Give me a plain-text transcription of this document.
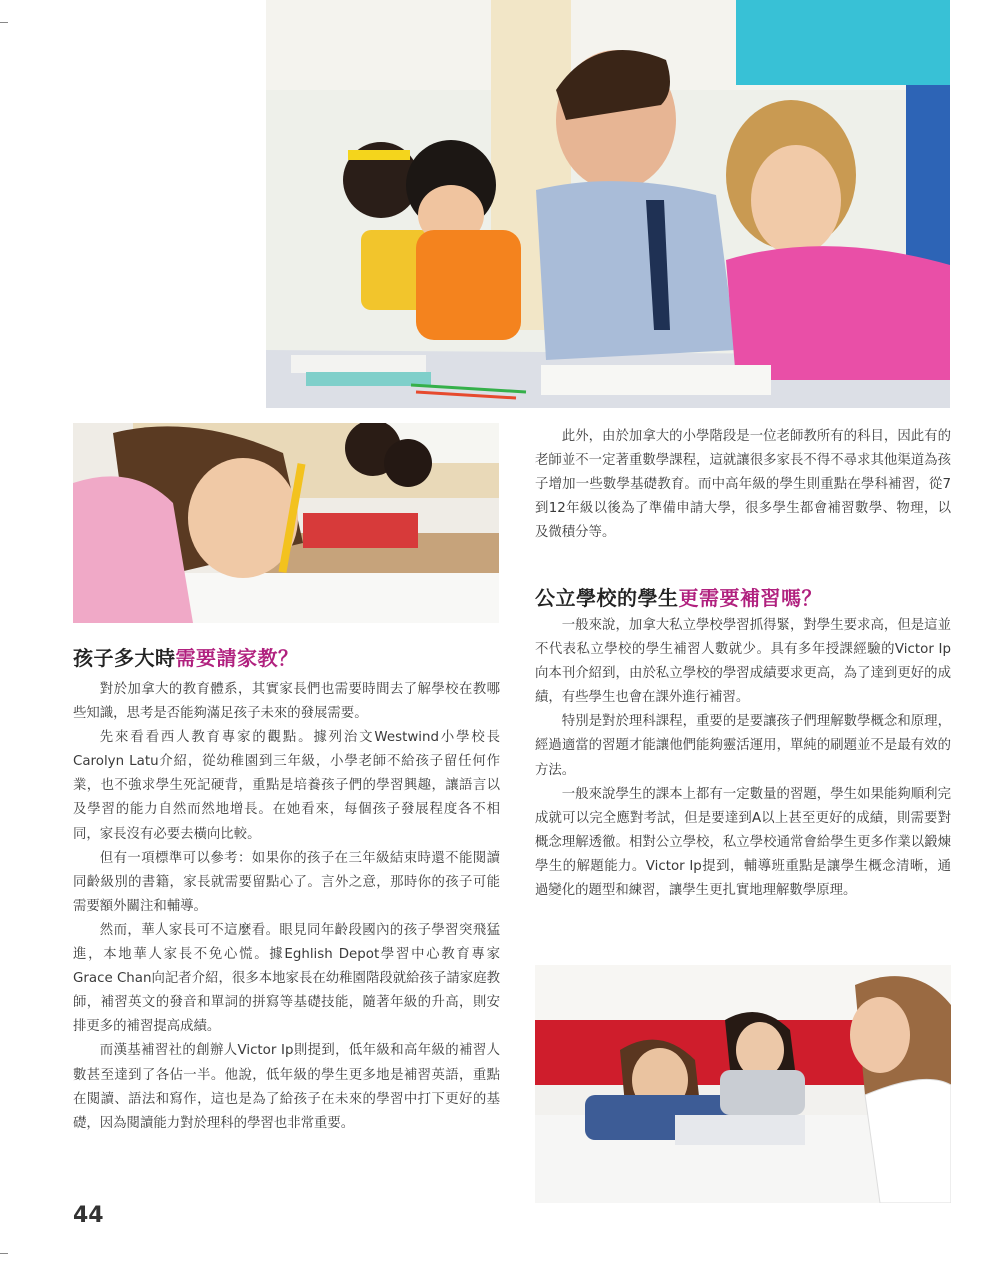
孩子多大時需要請家教？

對於加拿大的教育體系，其實家長們也需要時間去了解學校在教哪些知識，思考是否能夠滿足孩子未來的發展需要。

先來看看西人教育專家的觀點。據列治文Westwind小學校長Carolyn Latu介紹，從幼稚園到三年級，小學老師不給孩子留任何作業，也不強求學生死記硬背，重點是培養孩子們的學習興趣，讓語言以及學習的能力自然而然地增長。在她看來，每個孩子發展程度各不相同，家長沒有必要去橫向比較。

但有一項標準可以參考：如果你的孩子在三年級結束時還不能閱讀同齡級別的書籍，家長就需要留點心了。言外之意，那時你的孩子可能需要額外關注和輔導。

然而，華人家長可不這麼看。眼見同年齡段國內的孩子學習突飛猛進，本地華人家長不免心慌。據Eghlish Depot學習中心教育專家Grace Chan向記者介紹，很多本地家長在幼稚園階段就給孩子請家庭教師，補習英文的發音和單詞的拼寫等基礎技能，隨著年級的升高，則安排更多的補習提高成績。

而漢基補習社的創辦人Victor Ip則提到，低年級和高年級的補習人數甚至達到了各佔一半。他說，低年級的學生更多地是補習英語，重點在閱讀、語法和寫作，這也是為了給孩子在未來的學習中打下更好的基礎，因為閱讀能力對於理科的學習也非常重要。

此外，由於加拿大的小學階段是一位老師教所有的科目，因此有的老師並不一定著重數學課程，這就讓很多家長不得不尋求其他渠道為孩子增加一些數學基礎教育。而中高年級的學生則重點在學科補習，從7到12年級以後為了準備申請大學，很多學生都會補習數學、物理，以及微積分等。

公立學校的學生更需要補習嗎？

一般來說，加拿大私立學校學習抓得緊，對學生要求高，但是這並不代表私立學校的學生補習人數就少。具有多年授課經驗的Victor Ip向本刊介紹到，由於私立學校的學習成績要求更高，為了達到更好的成績，有些學生也會在課外進行補習。

特別是對於理科課程，重要的是要讓孩子們理解數學概念和原理，經過適當的習題才能讓他們能夠靈活運用，單純的刷題並不是最有效的方法。

一般來說學生的課本上都有一定數量的習題，學生如果能夠順利完成就可以完全應對考試，但是要達到A以上甚至更好的成績，則需要對概念理解透徹。相對公立學校，私立學校通常會給學生更多作業以鍛煉學生的解題能力。Victor Ip提到，輔導班重點是讓學生概念清晰，通過變化的題型和練習，讓學生更扎實地理解數學原理。

44
